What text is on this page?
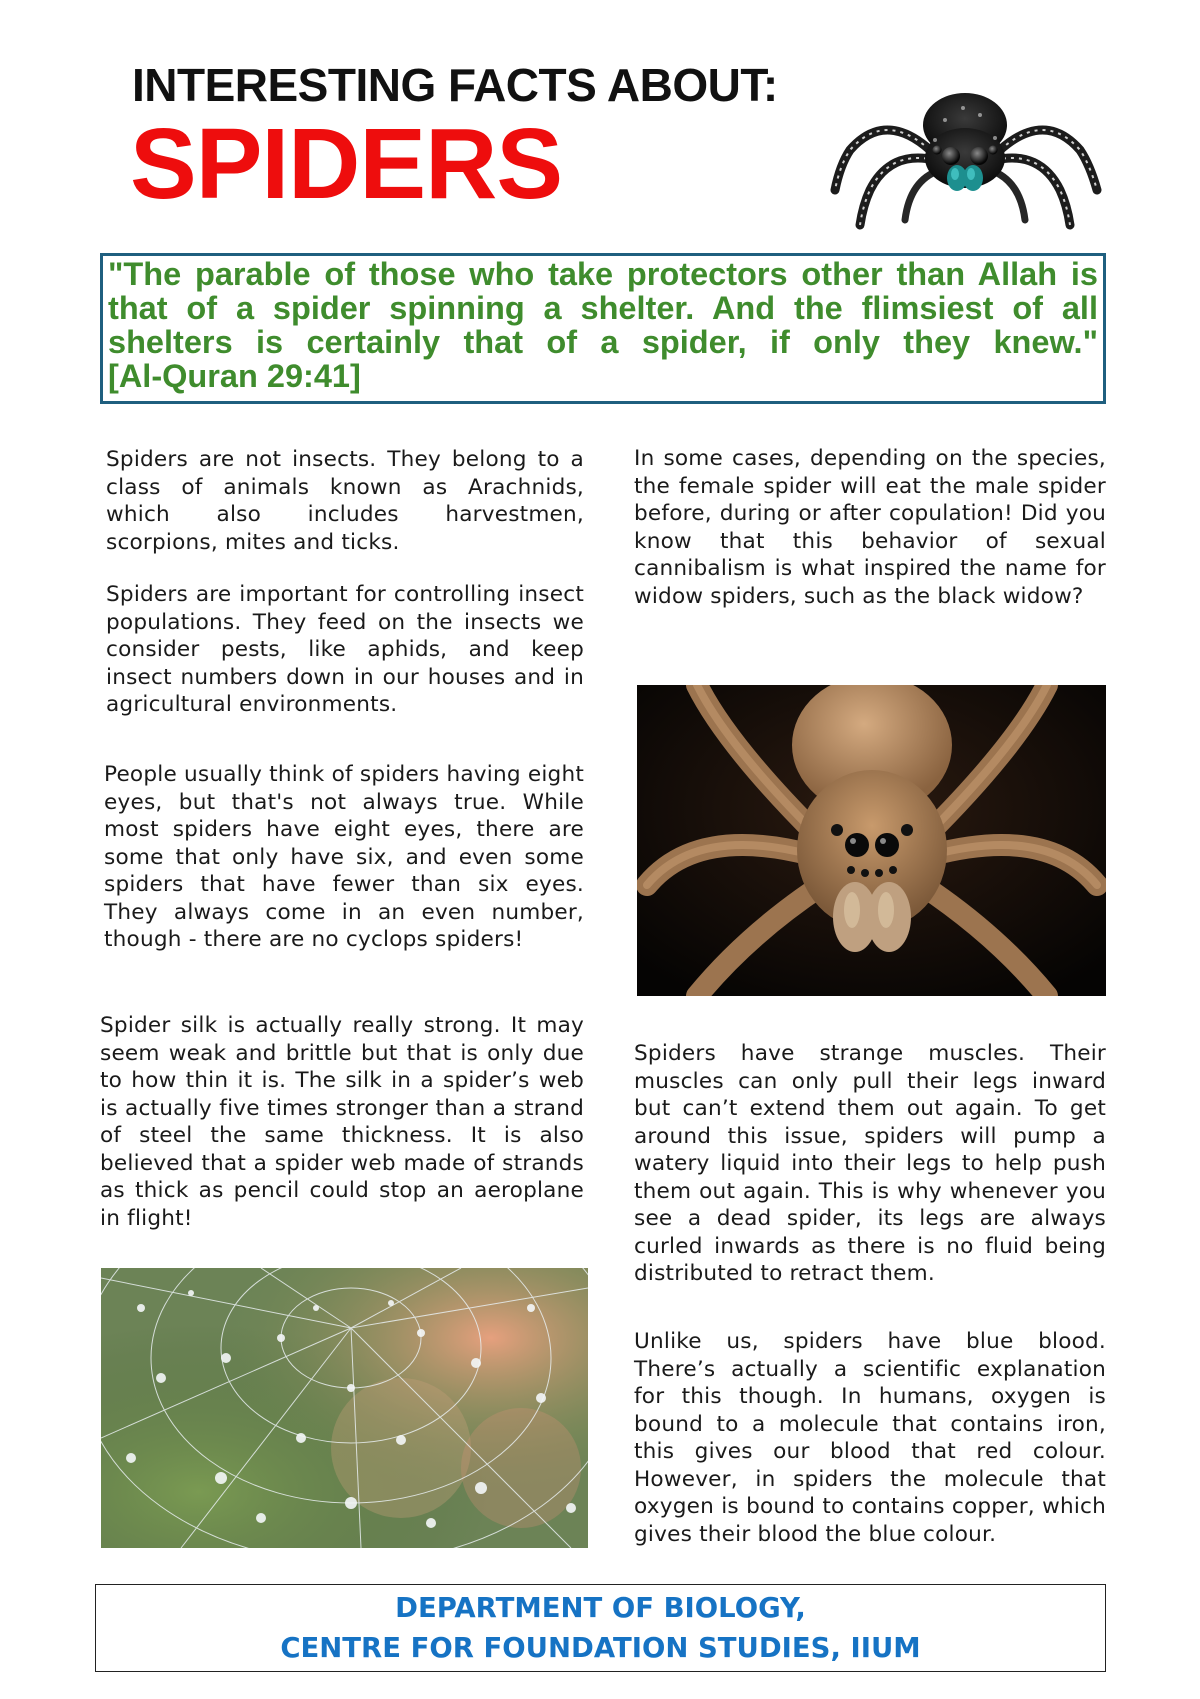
INTERESTING FACTS ABOUT:
SPIDERS
"The parable of those who take protectors other than Allah is that of a spider spinning a shelter. And the flimsiest of all shelters is certainly that of a spider, if only they knew."
[Al-Quran 29:41]

Spiders are not insects. They belong to a class of animals known as Arachnids, which also includes harvestmen, scorpions, mites and ticks.

Spiders are important for controlling insect populations. They feed on the insects we consider pests, like aphids, and keep insect numbers down in our houses and in agricultural environments.

People usually think of spiders having eight eyes, but that's not always true. While most spiders have eight eyes, there are some that only have six, and even some spiders that have fewer than six eyes. They always come in an even number, though - there are no cyclops spiders!

Spider silk is actually really strong. It may seem weak and brittle but that is only due to how thin it is. The silk in a spider’s web is actually five times stronger than a strand of steel the same thickness. It is also believed that a spider web made of strands as thick as pencil could stop an aeroplane in flight!

In some cases, depending on the species, the female spider will eat the male spider before, during or after copulation! Did you know that this behavior of sexual cannibalism is what inspired the name for widow spiders, such as the black widow?

Spiders have strange muscles. Their muscles can only pull their legs inward but can’t extend them out again. To get around this issue, spiders will pump a watery liquid into their legs to help push them out again. This is why whenever you see a dead spider, its legs are always curled inwards as there is no fluid being distributed to retract them.

Unlike us, spiders have blue blood. There’s actually a scientific explanation for this though. In humans, oxygen is bound to a molecule that contains iron, this gives our blood that red colour. However, in spiders the molecule that oxygen is bound to contains copper, which gives their blood the blue colour.

DEPARTMENT OF BIOLOGY,
CENTRE FOR FOUNDATION STUDIES, IIUM
